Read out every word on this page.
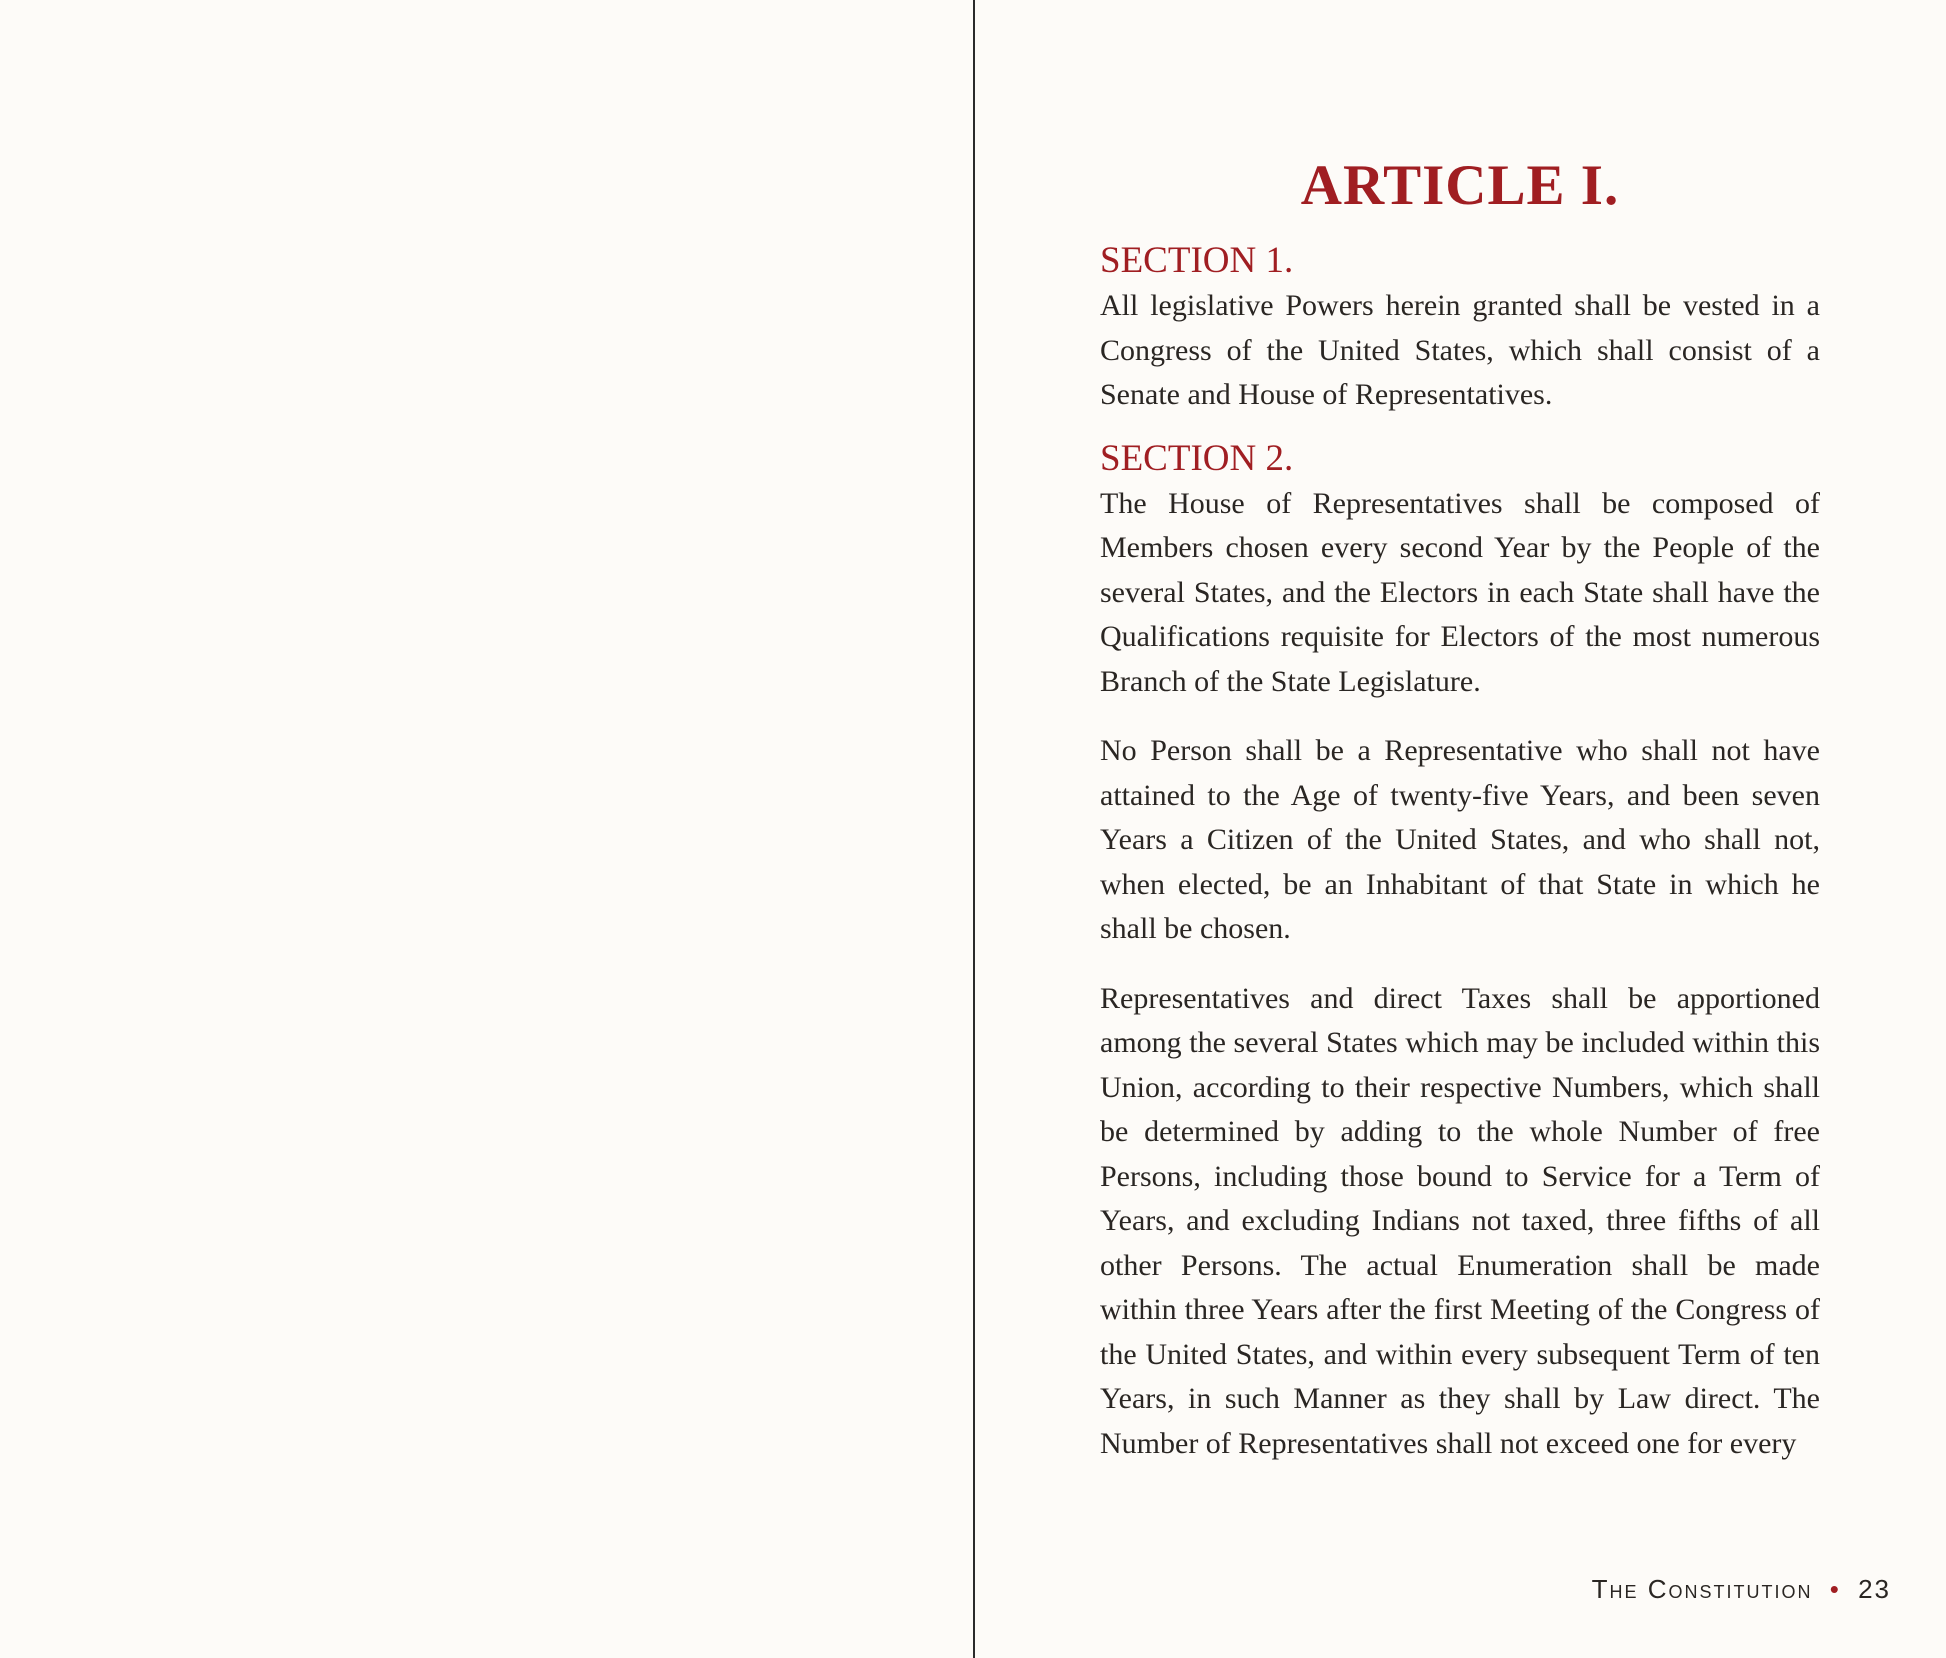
ARTICLE I.
SECTION 1.

All legislative Powers herein granted shall be vested in a Congress of the United States, which shall consist of a Senate and House of Representatives.

SECTION 2.

The House of Representatives shall be composed of Members chosen every second Year by the People of the several States, and the Electors in each State shall have the Qualifications requisite for Electors of the most numerous Branch of the State Legislature.

No Person shall be a Representative who shall not have attained to the Age of twenty-five Years, and been seven Years a Citizen of the United States, and who shall not, when elected, be an Inhabitant of that State in which he shall be chosen.

Representatives and direct Taxes shall be apportioned among the several States which may be included within this Union, according to their respective Numbers, which shall be determined by adding to the whole Number of free Persons, including those bound to Service for a Term of Years, and excluding Indians not taxed, three fifths of all other Persons. The actual Enumeration shall be made within three Years after the first Meeting of the Congress of the United States, and within every subsequent Term of ten Years, in such Manner as they shall by Law direct. The Number of Representatives shall not exceed one for every

The Constitution • 23
